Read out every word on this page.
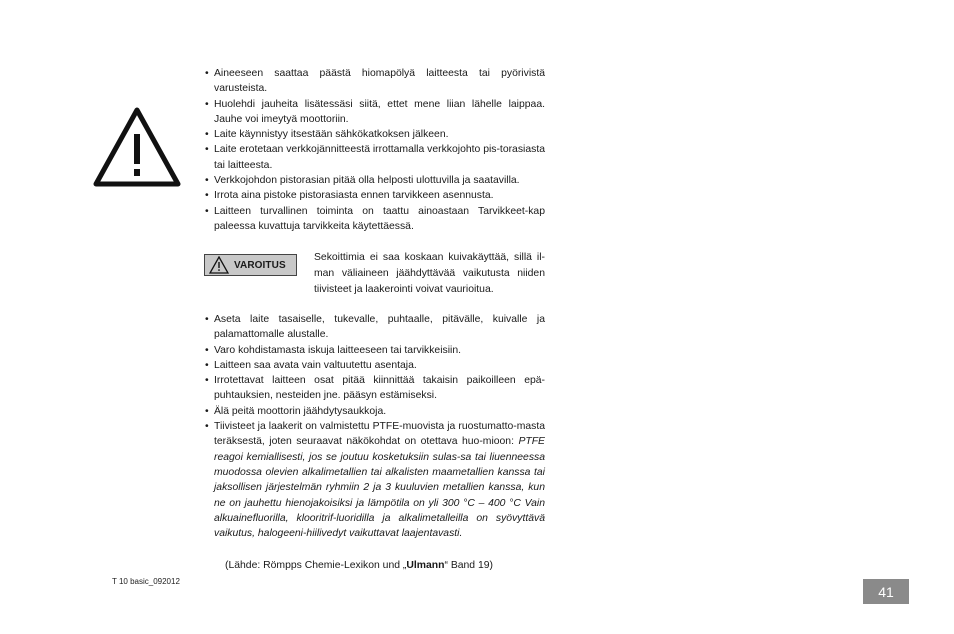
• Aineeseen saattaa päästä hiomapölyä laitteesta tai pyörivistä varusteista.
• Huolehdi jauheita lisätessäsi siitä, ettet mene liian lähelle laippaa. Jauhe voi imeytyä moottoriin.
• Laite käynnistyy itsestään sähkökatkoksen jälkeen.
• Laite erotetaan verkkojännitteestä irrottamalla verkkojohto pis-torasiasta tai laitteesta.
• Verkkojohdon pistorasian pitää olla helposti ulottuvilla ja saatavilla.
• Irrota aina pistoke pistorasiasta ennen tarvikkeen asennusta.
• Laitteen turvallinen toiminta on taattu ainoastaan Tarvikkeet-kap paleessa kuvattuja tarvikkeita käytettäessä.
VAROITUS

Sekoittimia ei saa koskaan kuivakäyttää, sillä il-man väliaineen jäähdyttävää vaikutusta niiden tiivisteet ja laakerointi voivat vaurioitua.

• Aseta laite tasaiselle, tukevalle, puhtaalle, pitävälle, kuivalle ja palamattomalle alustalle.
• Varo kohdistamasta iskuja laitteeseen tai tarvikkeisiin.
• Laitteen saa avata vain valtuutettu asentaja.
• Irrotettavat laitteen osat pitää kiinnittää takaisin paikoilleen epä-puhtauksien, nesteiden jne. pääsyn estämiseksi.
• Älä peitä moottorin jäähdytysaukkoja.
• Tiivisteet ja laakerit on valmistettu PTFE-muovista ja ruostumatto-masta teräksestä, joten seuraavat näkökohdat on otettava huo-mioon: PTFE reagoi kemiallisesti, jos se joutuu kosketuksiin sulas-sa tai liuenneessa muodossa olevien alkalimetallien tai alkalisten maametallien kanssa tai jaksollisen järjestelmän ryhmiin 2 ja 3 kuuluvien metallien kanssa, kun ne on jauhettu hienojakoisiksi ja lämpötila on yli 300 °C – 400 °C Vain alkuainefluorilla, klooritrif-luoridilla ja alkalimetalleilla on syövyttävä vaikutus, halogeeni-hiilivedyt vaikuttavat laajentavasti.
(Lähde: Römpps Chemie-Lexikon und „Ulmann“ Band 19)
T 10 basic_092012
41
